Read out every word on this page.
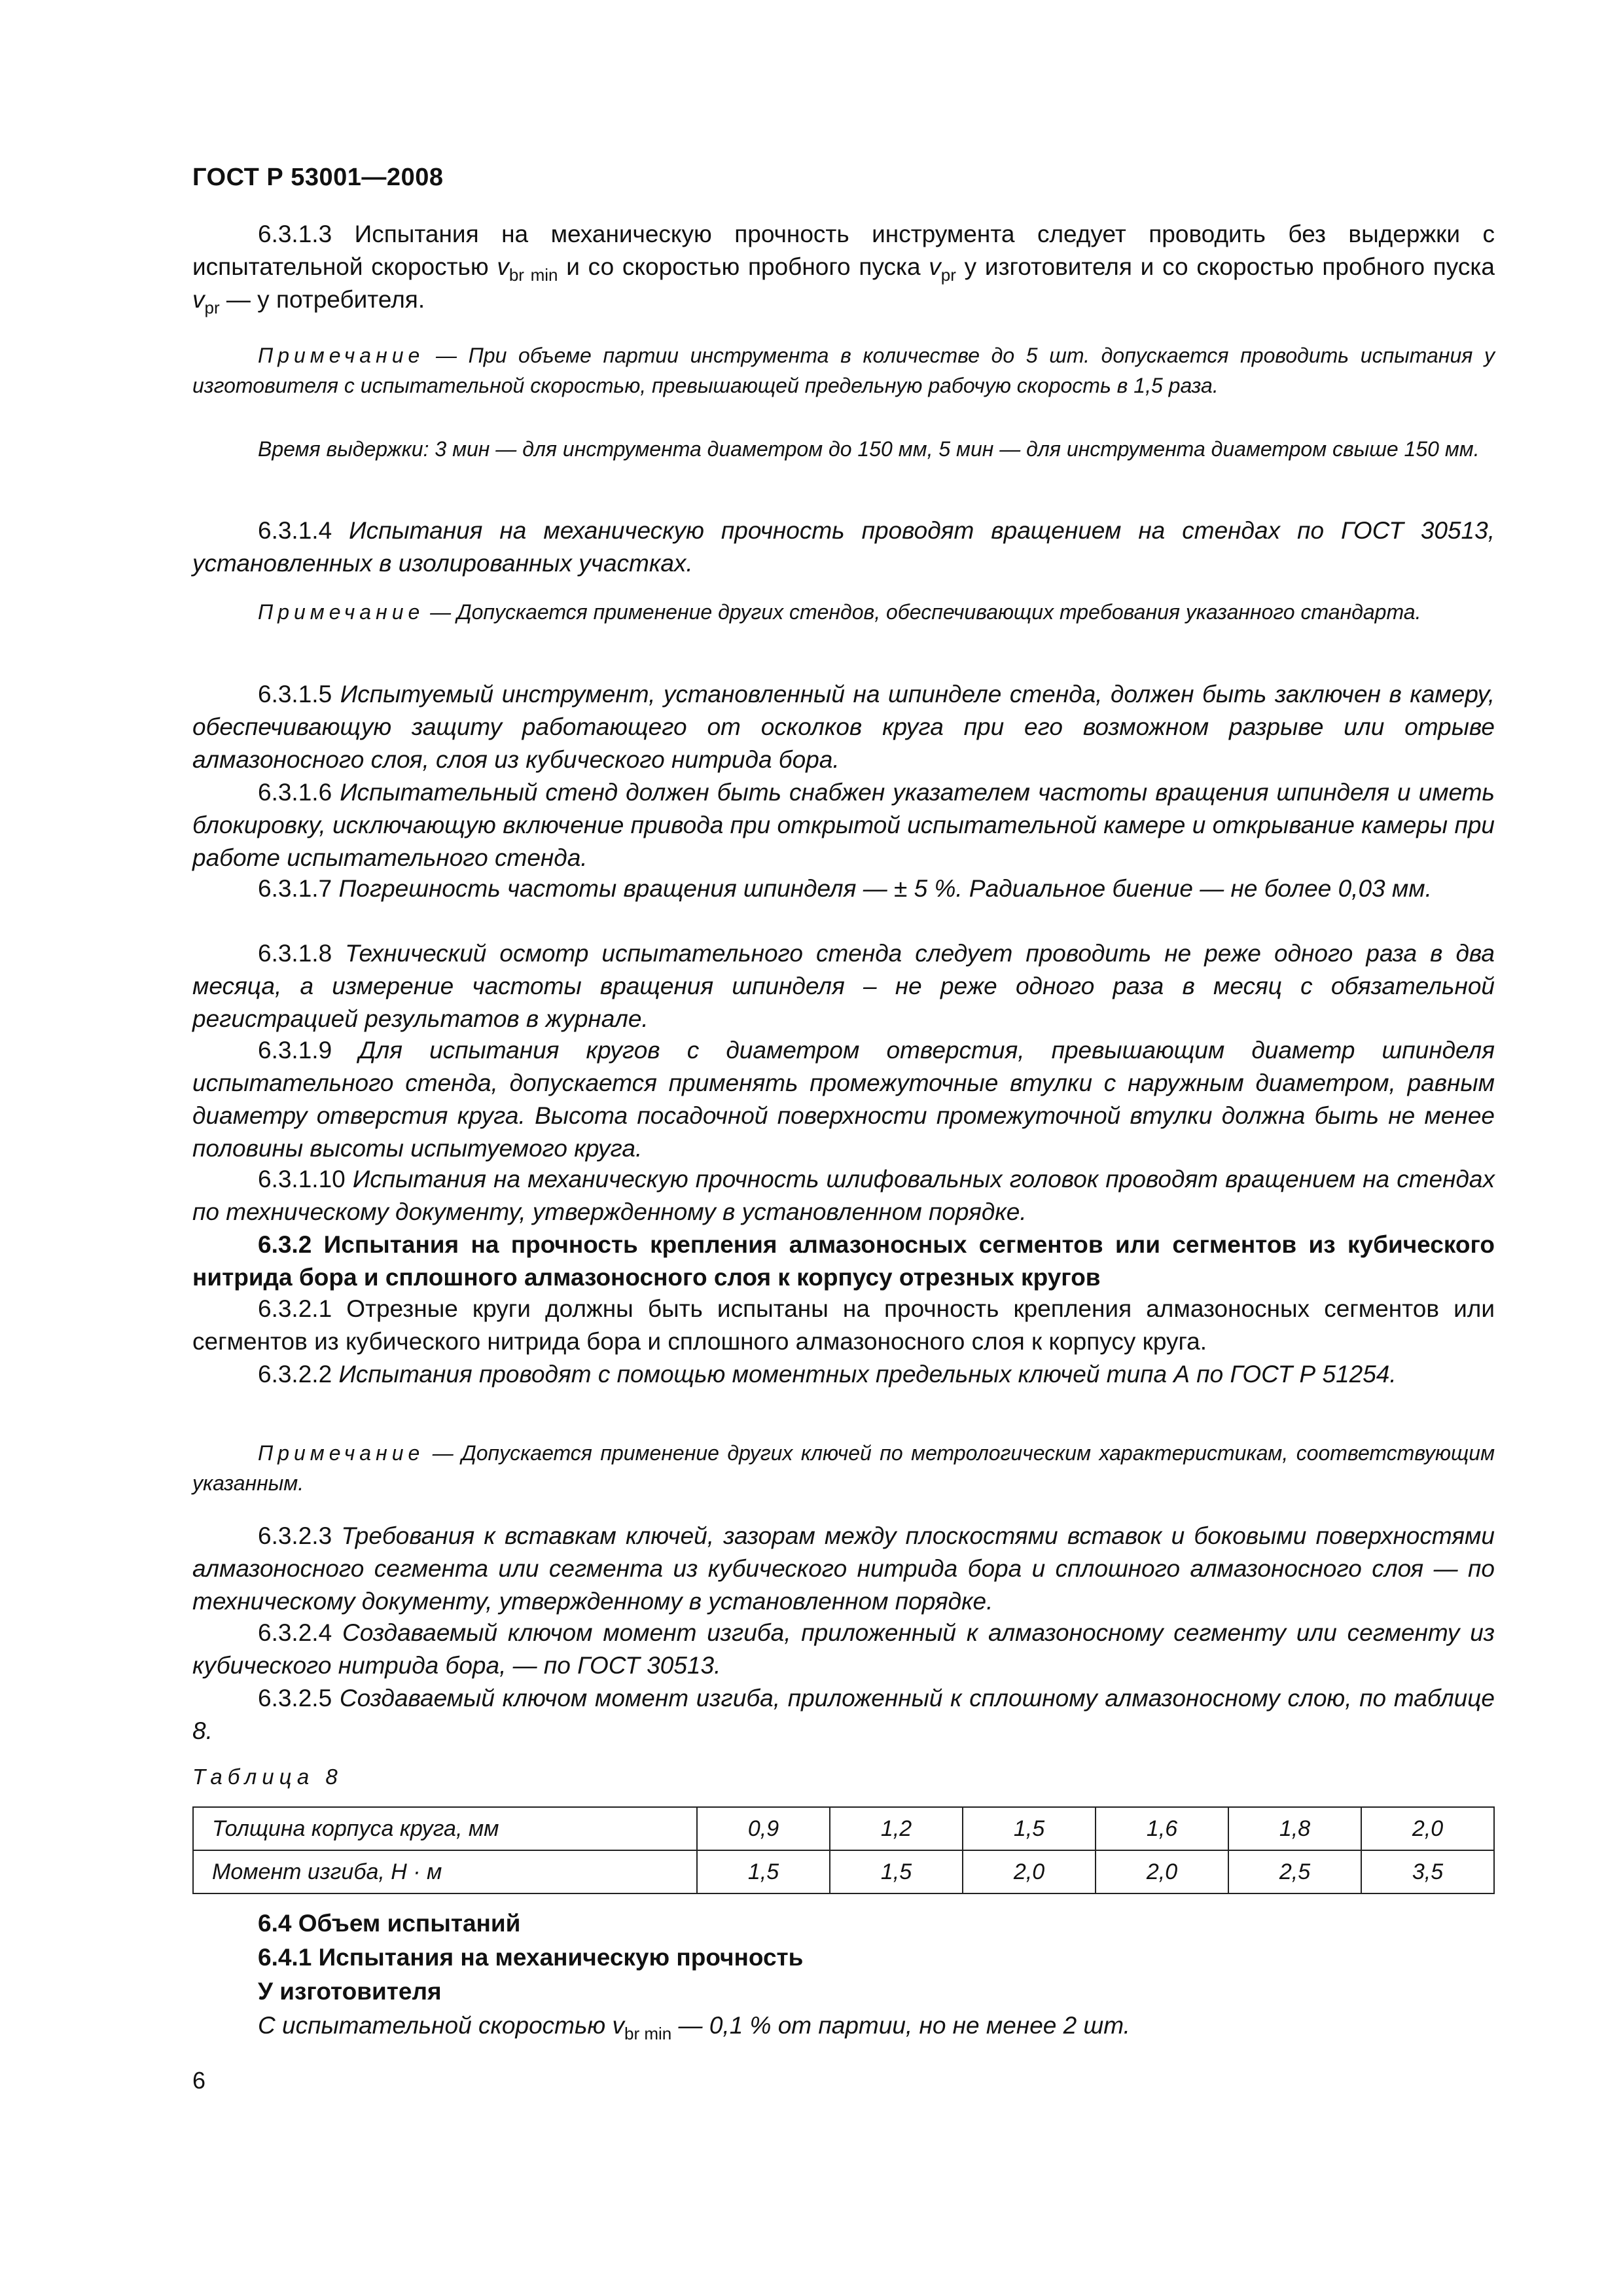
ГОСТ Р 53001—2008

6.3.1.3 Испытания на механическую прочность инструмента следует проводить без выдержки с испытательной скоростью $v_{br min}$ и со скоростью пробного пуска $v_{pr}$ у изготовителя и со скоростью пробного пуска $v_{pr}$ — у потребителя.

Примечание — При объеме партии инструмента в количестве до 5 шт. допускается проводить испытания у изготовителя с испытательной скоростью, превышающей предельную рабочую скорость в 1,5 раза.

Время выдержки: 3 мин — для инструмента диаметром до 150 мм, 5 мин — для инструмента диаметром свыше 150 мм.

6.3.1.4 Испытания на механическую прочность проводят вращением на стендах по ГОСТ 30513, установленных в изолированных участках.

Примечание — Допускается применение других стендов, обеспечивающих требования указанного стандарта.

6.3.1.5 Испытуемый инструмент, установленный на шпинделе стенда, должен быть заключен в камеру, обеспечивающую защиту работающего от осколков круга при его возможном разрыве или отрыве алмазоносного слоя, слоя из кубического нитрида бора.

6.3.1.6 Испытательный стенд должен быть снабжен указателем частоты вращения шпинделя и иметь блокировку, исключающую включение привода при открытой испытательной камере и открывание камеры при работе испытательного стенда.

6.3.1.7 Погрешность частоты вращения шпинделя — ± 5 %. Радиальное биение — не более 0,03 мм.

6.3.1.8 Технический осмотр испытательного стенда следует проводить не реже одного раза в два месяца, а измерение частоты вращения шпинделя – не реже одного раза в месяц с обязательной регистрацией результатов в журнале.

6.3.1.9 Для испытания кругов с диаметром отверстия, превышающим диаметр шпинделя испытательного стенда, допускается применять промежуточные втулки с наружным диаметром, равным диаметру отверстия круга. Высота посадочной поверхности промежуточной втулки должна быть не менее половины высоты испытуемого круга.

6.3.1.10 Испытания на механическую прочность шлифовальных головок проводят вращением на стендах по техническому документу, утвержденному в установленном порядке.

6.3.2 Испытания на прочность крепления алмазоносных сегментов или сегментов из кубического нитрида бора и сплошного алмазоносного слоя к корпусу отрезных кругов

6.3.2.1 Отрезные круги должны быть испытаны на прочность крепления алмазоносных сегментов или сегментов из кубического нитрида бора и сплошного алмазоносного слоя к корпусу круга.

6.3.2.2 Испытания проводят с помощью моментных предельных ключей типа А по ГОСТ Р 51254.

Примечание — Допускается применение других ключей по метрологическим характеристикам, соответствующим указанным.

6.3.2.3 Требования к вставкам ключей, зазорам между плоскостями вставок и боковыми поверхностями алмазоносного сегмента или сегмента из кубического нитрида бора и сплошного алмазоносного слоя — по техническому документу, утвержденному в установленном порядке.

6.3.2.4 Создаваемый ключом момент изгиба, приложенный к алмазоносному сегменту или сегменту из кубического нитрида бора, — по ГОСТ 30513.

6.3.2.5 Создаваемый ключом момент изгиба, приложенный к сплошному алмазоносному слою, по таблице 8.

Таблица 8

Толщина корпуса круга, мм	0,9	1,2	1,5	1,6	1,8	2,0
Момент изгиба, Н · м	1,5	1,5	2,0	2,0	2,5	3,5

6.4 Объем испытаний

6.4.1 Испытания на механическую прочность

У изготовителя

С испытательной скоростью $v_{br min}$ — 0,1 % от партии, но не менее 2 шт.

6
